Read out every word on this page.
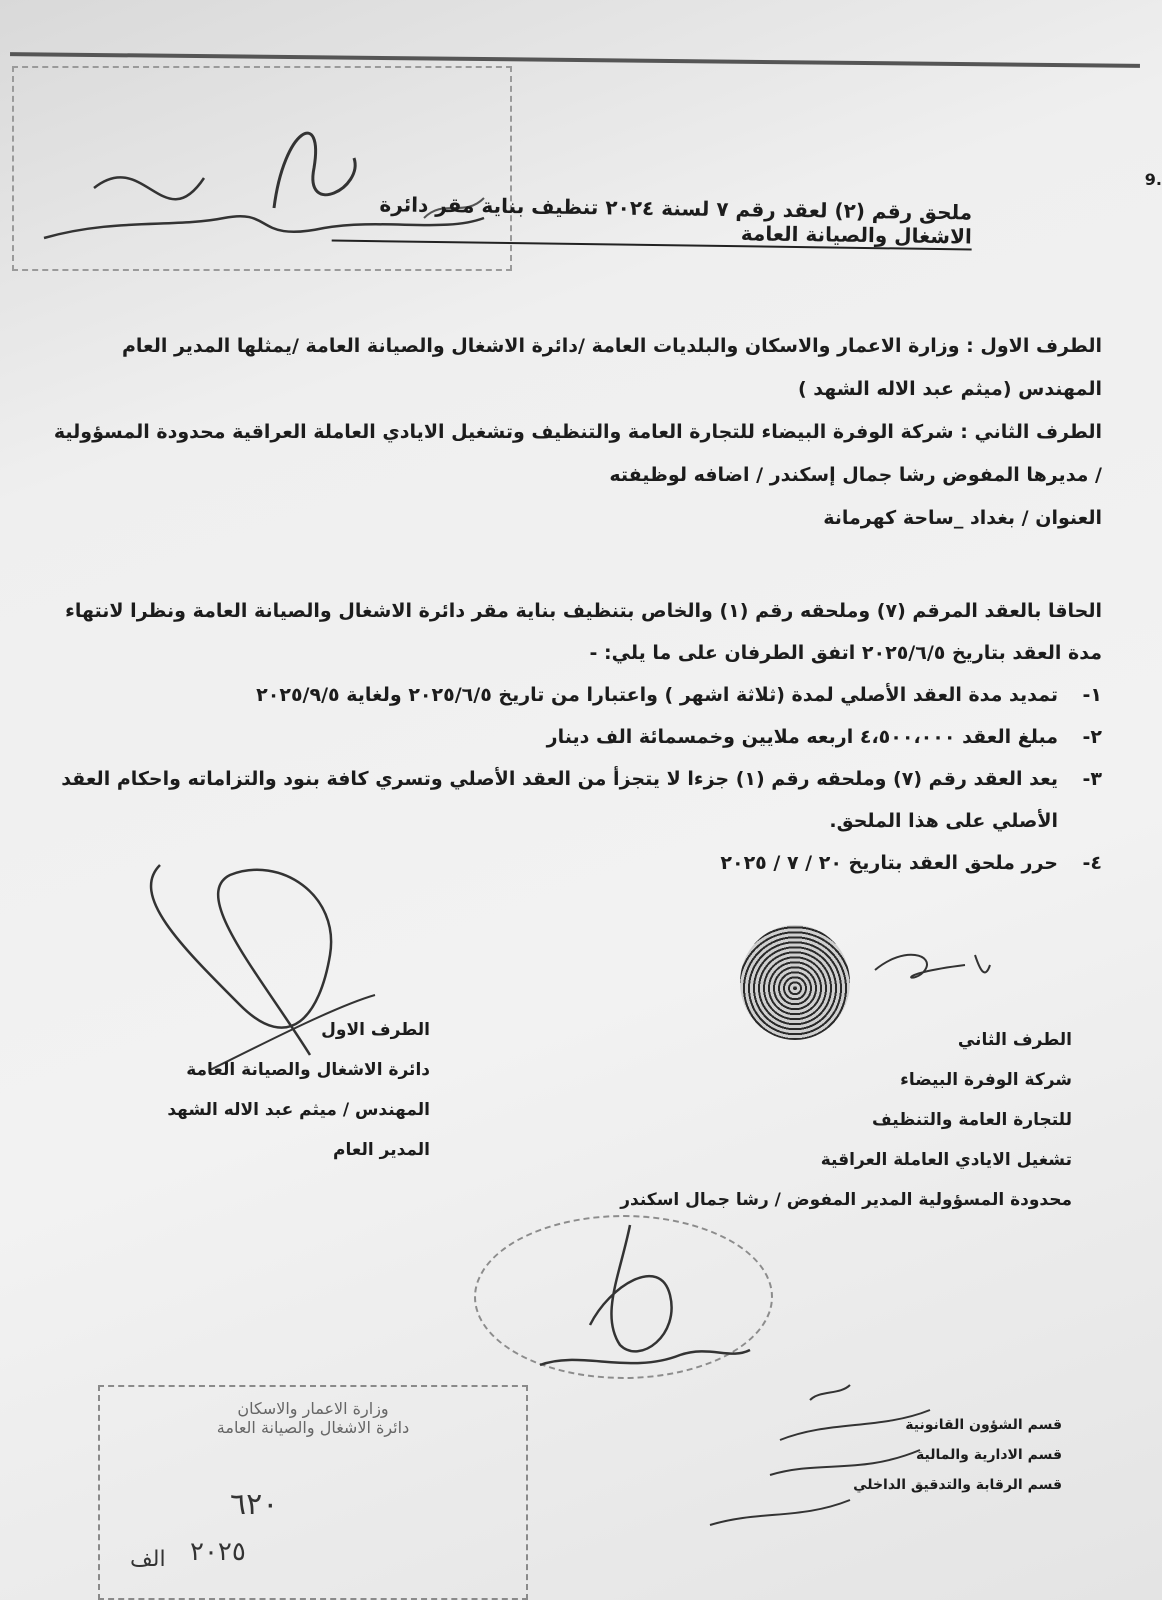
9.
ملحق رقم (٢) لعقد رقم ٧ لسنة ٢٠٢٤ تنظيف بناية مقر دائرة الاشغال والصيانة العامة
الطرف الاول : وزارة الاعمار والاسكان والبلديات العامة /دائرة الاشغال والصيانة العامة /يمثلها المدير العام المهندس (ميثم عبد الاله الشهد )
الطرف الثاني : شركة الوفرة البيضاء للتجارة العامة والتنظيف وتشغيل الايادي العاملة العراقية محدودة المسؤولية / مديرها المفوض رشا جمال إسكندر / اضافه لوظيفته
العنوان / بغداد _ساحة كهرمانة

الحاقا بالعقد المرقم (٧) وملحقه رقم (١) والخاص بتنظيف بناية مقر دائرة الاشغال والصيانة العامة ونظرا لانتهاء مدة العقد بتاريخ ٢٠٢٥/٦/٥ اتفق الطرفان على ما يلي: -

١-
تمديد مدة العقد الأصلي لمدة (ثلاثة اشهر ) واعتبارا من تاريخ ٢٠٢٥/٦/٥ ولغاية ٢٠٢٥/٩/٥
٢-
مبلغ العقد ٤،٥٠٠،٠٠٠ اربعه ملايين وخمسمائة الف دينار
٣-
يعد العقد رقم (٧) وملحقه رقم (١) جزءا لا يتجزأ من العقد الأصلي وتسري كافة بنود والتزاماته واحكام العقد الأصلي على هذا الملحق.
٤-
حرر ملحق العقد بتاريخ ٢٠ / ٧ / ٢٠٢٥
الطرف الاول
دائرة الاشغال والصيانة العامة
المهندس / ميثم عبد الاله الشهد
المدير العام
الطرف الثاني
شركة الوفرة البيضاء
للتجارة العامة والتنظيف
تشغيل الايادي العاملة العراقية
محدودة المسؤولية المدير المفوض / رشا جمال اسكندر
وزارة الاعمار والاسكان
دائرة الاشغال والصيانة العامة
٦٢٠
٢٠٢٥
الف
قسم الشؤون القانونية
قسم الادارية والمالية
قسم الرقابة والتدقيق الداخلي
